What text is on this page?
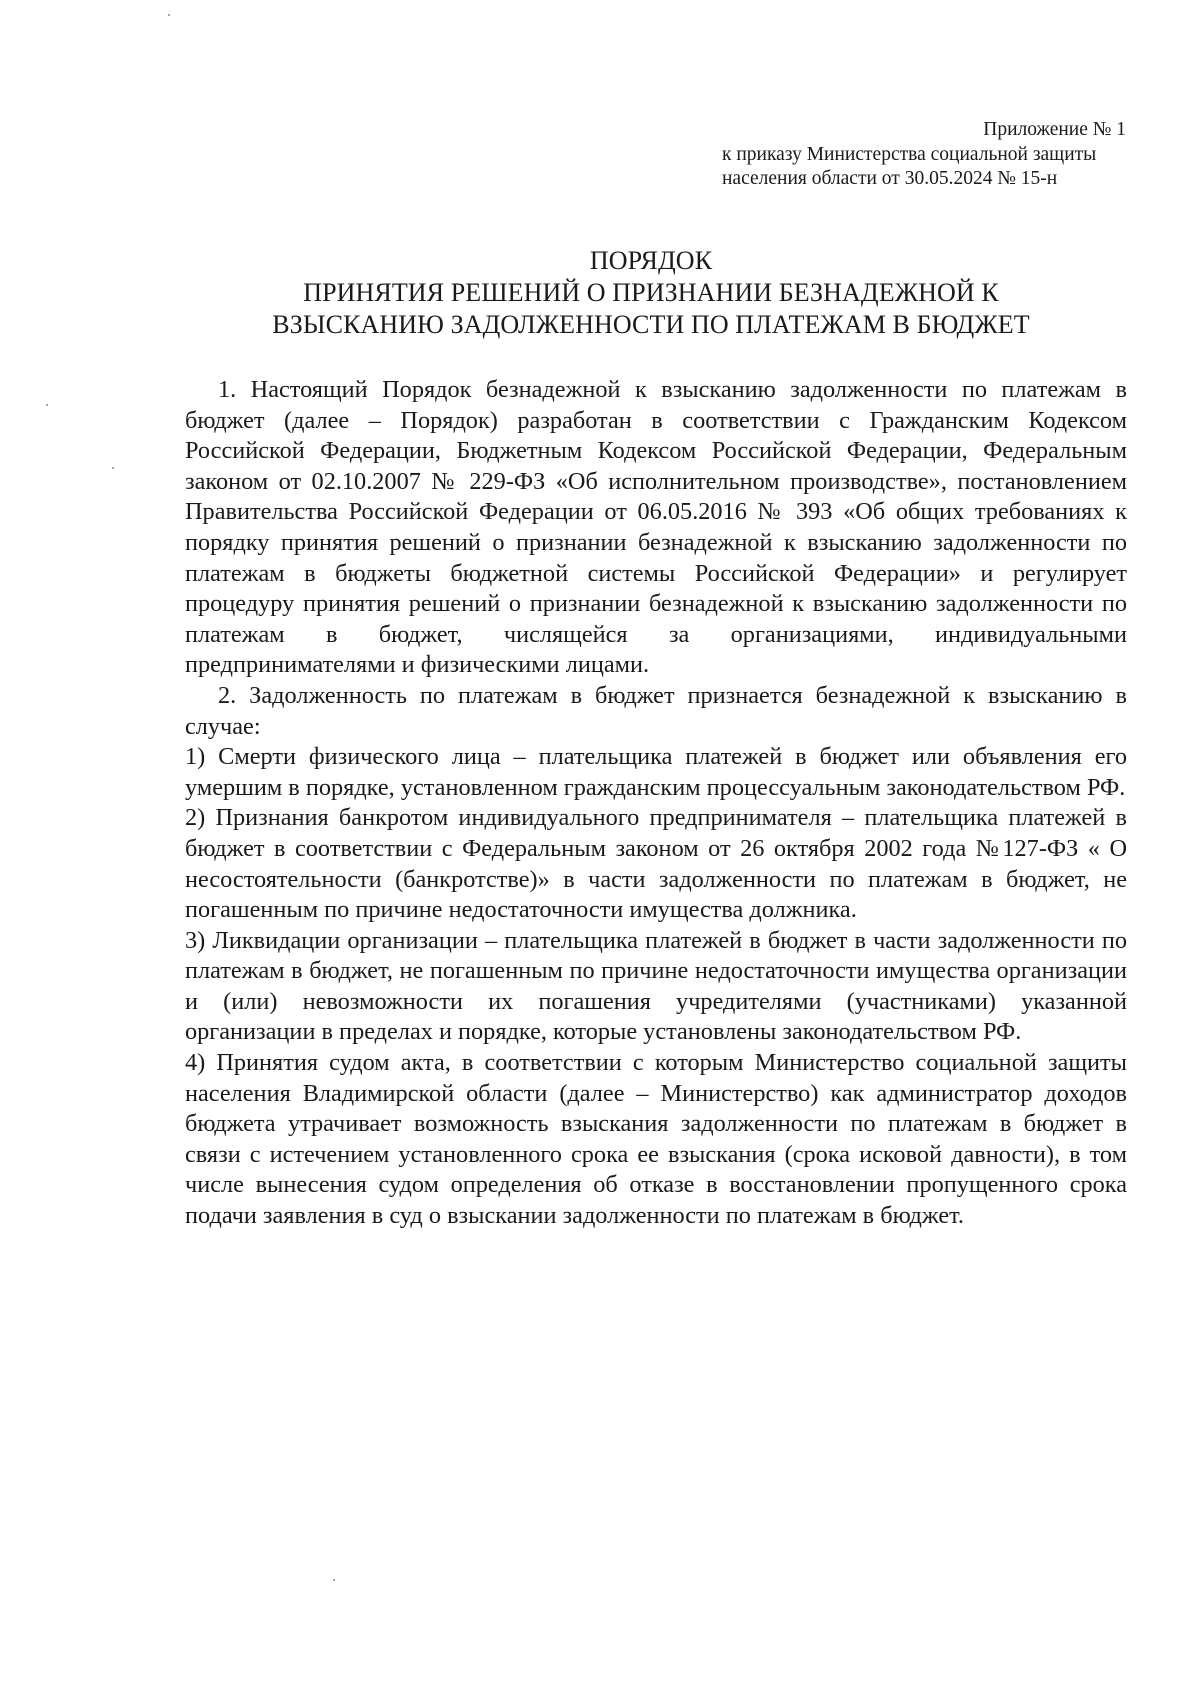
Приложение № 1
к приказу Министерства социальной защиты
населения области от 30.05.2024 № 15-н
ПОРЯДОК
ПРИНЯТИЯ РЕШЕНИЙ О ПРИЗНАНИИ БЕЗНАДЕЖНОЙ К
ВЗЫСКАНИЮ ЗАДОЛЖЕННОСТИ ПО ПЛАТЕЖАМ В БЮДЖЕТ

1. Настоящий Порядок безнадежной к взысканию задолженности по платежам в бюджет (далее – Порядок) разработан в соответствии с Гражданским Кодексом Российской Федерации, Бюджетным Кодексом Российской Федерации, Федеральным законом от 02.10.2007 № 229-ФЗ «Об исполнительном производстве», постановлением Правительства Российской Федерации от 06.05.2016 № 393 «Об общих требованиях к порядку принятия решений о признании безнадежной к взысканию задолженности по платежам в бюджеты бюджетной системы Российской Федерации» и регулирует процедуру принятия решений о признании безнадежной к взысканию задолженности по платежам в бюджет, числящейся за организациями, индивидуальными предпринимателями и физическими лицами.

2. Задолженность по платежам в бюджет признается безнадежной к взысканию в случае:

1) Смерти физического лица – плательщика платежей в бюджет или объявления его умершим в порядке, установленном гражданским процессуальным законодательством РФ.

2) Признания банкротом индивидуального предпринимателя – плательщика платежей в бюджет в соответствии с Федеральным законом от 26 октября 2002 года №127-ФЗ « О несостоятельности (банкротстве)» в части задолженности по платежам в бюджет, не погашенным по причине недостаточности имущества должника.

3) Ликвидации организации – плательщика платежей в бюджет в части задолженности по платежам в бюджет, не погашенным по причине недостаточности имущества организации и (или) невозможности их погашения учредителями (участниками) указанной организации в пределах и порядке, которые установлены законодательством РФ.

4) Принятия судом акта, в соответствии с которым Министерство социальной защиты населения Владимирской области (далее – Министерство) как администратор доходов бюджета утрачивает возможность взыскания задолженности по платежам в бюджет в связи с истечением установленного срока ее взыскания (срока исковой давности), в том числе вынесения судом определения об отказе в восстановлении пропущенного срока подачи заявления в суд о взыскании задолженности по платежам в бюджет.
